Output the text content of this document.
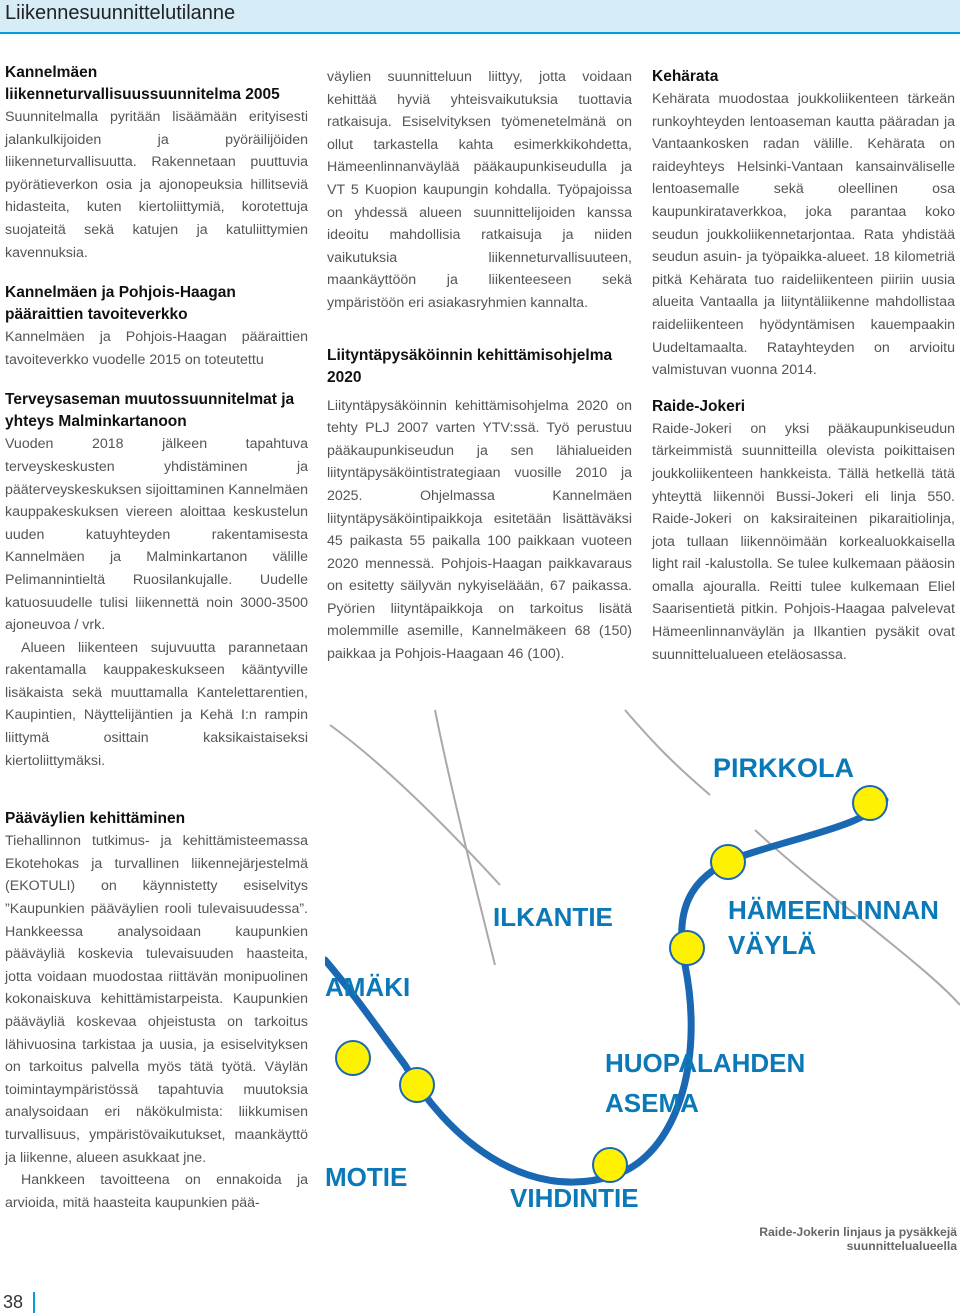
Liikennesuunnittelutilanne

Kannelmäen liikenneturvallisuussuunnitelma 2005

Suunnitelmalla pyritään lisäämään erityisesti jalankulkijoiden ja pyöräilijöiden liikenneturvallisuutta. Rakennetaan puuttuvia pyörätieverkon osia ja ajonopeuksia hillitseviä hidasteita, kuten kiertoliittymiä, korotettuja suojateitä sekä katujen ja katuliittymien kavennuksia.

Kannelmäen ja Pohjois-Haagan pääraittien tavoiteverkko

Kannelmäen ja Pohjois-Haagan pääraittien tavoiteverkko vuodelle 2015 on toteutettu

Terveysaseman muutossuunnitelmat ja yhteys Malminkartanoon

Vuoden 2018 jälkeen tapahtuva terveyskeskusten yhdistäminen ja pääterveyskeskuksen sijoittaminen Kannelmäen kauppakeskuksen viereen aloittaa keskustelun uuden katuyhteyden rakentamisesta Kannelmäen ja Malminkartanon välille Pelimannintieltä Ruosilankujalle. Uudelle katuosuudelle tulisi liikennettä noin 3000-3500 ajoneuvoa / vrk.

Alueen liikenteen sujuvuutta parannetaan rakentamalla kauppakeskukseen kääntyville lisäkaista sekä muuttamalla Kantelettarentien, Kaupintien, Näyttelijäntien ja Kehä I:n rampin liittymä osittain kaksikaistaiseksi kiertoliittymäksi.

Pääväylien kehittäminen

Tiehallinnon tutkimus- ja kehittämisteemassa Ekotehokas ja turvallinen liikennejärjestelmä (EKOTULI) on käynnistetty esiselvitys ”Kaupunkien pääväylien rooli tulevaisuudessa”. Hankkeessa analysoidaan kaupunkien pääväyliä koskevia tulevaisuuden haasteita, jotta voidaan muodostaa riittävän monipuolinen kokonaiskuva kehittämistarpeista. Kaupunkien pääväyliä koskevaa ohjeistusta on tarkoitus lähivuosina tarkistaa ja uusia, ja esiselvityksen on tarkoitus palvella myös tätä työtä. Väylän toimintaympäristössä tapahtuvia muutoksia analysoidaan eri näkökulmista: liikkumisen turvallisuus, ympäristövaikutukset, maankäyttö ja liikenne, alueen asukkaat jne.

Hankkeen tavoitteena on ennakoida ja arvioida, mitä haasteita kaupunkien pää-

väylien suunnitteluun liittyy, jotta voidaan kehittää hyviä yhteisvaikutuksia tuottavia ratkaisuja. Esiselvityksen työmenetelmänä on ollut tarkastella kahta esimerkkikohdetta, Hämeenlinnanväylää pääkaupunkiseudulla ja VT 5 Kuopion kaupungin kohdalla. Työpajoissa on yhdessä alueen suunnittelijoiden kanssa ideoitu mahdollisia ratkaisuja ja niiden vaikutuksia liikenneturvallisuuteen, maankäyttöön ja liikenteeseen sekä ympäristöön eri asiakasryhmien kannalta.

Liityntäpysäköinnin kehittämisohjelma 2020

Liityntäpysäköinnin kehittämisohjelma 2020 on tehty PLJ 2007 varten YTV:ssä. Työ perustuu pääkaupunkiseudun ja sen lähialueiden liityntäpysäköintistrategiaan vuosille 2010 ja 2025. Ohjelmassa Kannelmäen liityntäpysäköintipaikkoja esitetään lisättäväksi 45 paikasta 55 paikalla 100 paikkaan vuoteen 2020 mennessä. Pohjois-Haagan paikkavaraus on esitetty säilyvän nykyiseläään, 67 paikassa. Pyörien liityntäpaikkoja on tarkoitus lisätä molemmille asemille, Kannelmäkeen 68 (150) paikkaa ja Pohjois-Haagaan 46 (100).

Kehärata

Kehärata muodostaa joukkoliikenteen tärkeän runkoyhteyden lentoaseman kautta pääradan ja Vantaankosken radan välille. Kehärata on raideyhteys Helsinki-Vantaan kansainväliselle lentoasemalle sekä oleellinen osa kaupunkirataverkkoa, joka parantaa koko seudun joukkoliikennetarjontaa. Rata yhdistää seudun asuin- ja työpaikka-alueet. 18 kilometriä pitkä Kehärata tuo raideliikenteen piiriin uusia alueita Vantaalla ja liityntäliikenne mahdollistaa raideliikenteen hyödyntämisen kauempaakin Uudeltamaalta. Ratayhteyden on arvioitu valmistuvan vuonna 2014.

Raide-Jokeri

Raide-Jokeri on yksi pääkaupunkiseudun tärkeimmistä suunnitteilla olevista poikittaisen joukkoliikenteen hankkeista. Tällä hetkellä tätä yhteyttä liikennöi Bussi-Jokeri eli linja 550. Raide-Jokeri on kaksiraiteinen pikaraitiolinja, jota tullaan liikennöimään korkealuokkaisella light rail -kalustolla. Se tulee kulkemaan pääosin omalla ajouralla. Reitti tulee kulkemaan Eliel Saarisentietä pitkin. Pohjois-Haagaa palvelevat Hämeenlinnanväylän ja Ilkantien pysäkit ovat suunnittelualueen eteläosassa.

PIRKKOLA
ILKANTIE	HÄMEENLINNAN
VÄYLÄ
AMÄKI
HUOPALAHDEN
ASEMA
MOTIE
VIHDINTIE
Raide-Jokerin linjaus ja pysäkkejä suunnittelualueella
38
